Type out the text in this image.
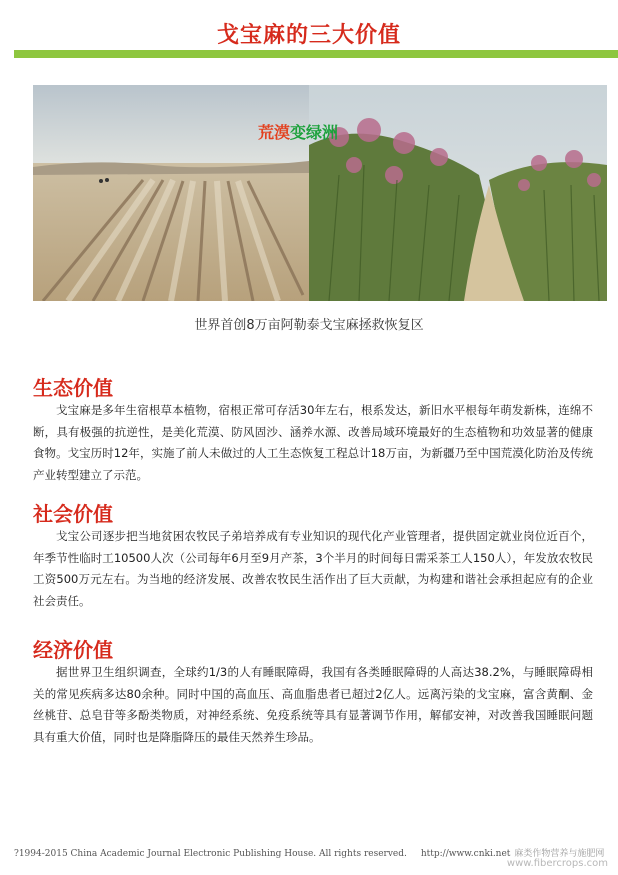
戈宝麻的三大价值
荒漠变绿洲
世界首创8万亩阿勒泰戈宝麻拯救恢复区
生态价值
戈宝麻是多年生宿根草本植物，宿根正常可存活30年左右，根系发达，新旧水平根每年萌发新株，连绵不断，具有极强的抗逆性，是美化荒漠、防风固沙、涵养水源、改善局域环境最好的生态植物和功效显著的健康食物。戈宝历时12年，实施了前人未做过的人工生态恢复工程总计18万亩，为新疆乃至中国荒漠化防治及传统产业转型建立了示范。
社会价值
戈宝公司逐步把当地贫困农牧民子弟培养成有专业知识的现代化产业管理者，提供固定就业岗位近百个，年季节性临时工10500人次（公司每年6月至9月产茶，3个半月的时间每日需采茶工人150人），年发放农牧民工资500万元左右。为当地的经济发展、改善农牧民生活作出了巨大贡献，为构建和谐社会承担起应有的企业社会责任。
经济价值
据世界卫生组织调查，全球约1/3的人有睡眠障碍，我国有各类睡眠障碍的人高达38.2%，与睡眠障碍相关的常见疾病多达80余种。同时中国的高血压、高血脂患者已超过2亿人。远离污染的戈宝麻，富含黄酮、金丝桃苷、总皂苷等多酚类物质，对神经系统、免疫系统等具有显著调节作用，解郁安神，对改善我国睡眠问题具有重大价值，同时也是降脂降压的最佳天然养生珍品。
?1994-2015 China Academic Journal Electronic Publishing House. All rights reserved. http://www.cnki.net 麻类作物营养与施肥网
www.fibercrops.com
